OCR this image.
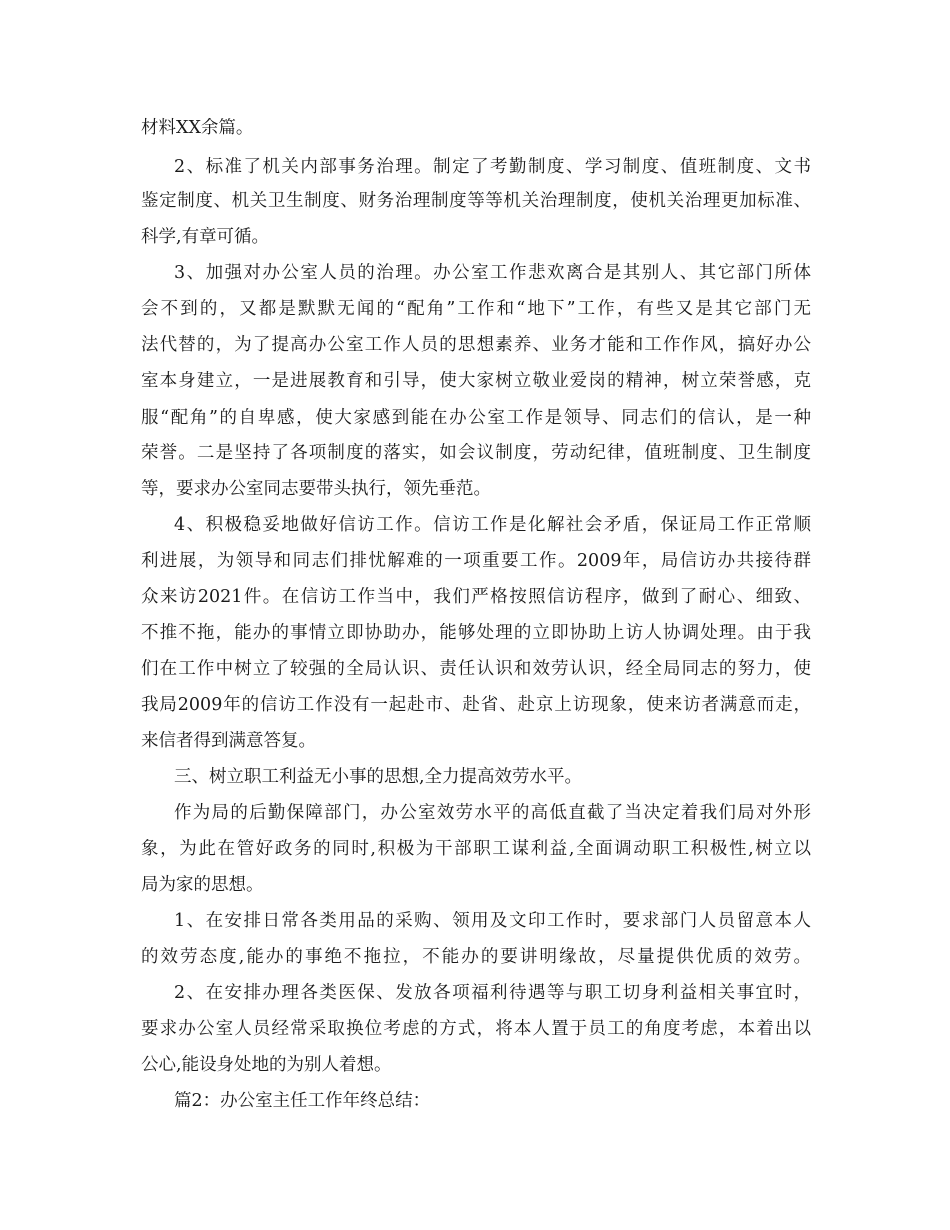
材料XX余篇。
2、标准了机关内部事务治理。制定了考勤制度、学习制度、值班制度、文书
鉴定制度、机关卫生制度、财务治理制度等等机关治理制度，使机关治理更加标准、
科学,有章可循。
3、加强对办公室人员的治理。办公室工作悲欢离合是其别人、其它部门所体
会不到的，又都是默默无闻的“配角”工作和“地下”工作，有些又是其它部门无
法代替的，为了提高办公室工作人员的思想素养、业务才能和工作作风，搞好办公
室本身建立，一是进展教育和引导，使大家树立敬业爱岗的精神，树立荣誉感，克
服“配角”的自卑感，使大家感到能在办公室工作是领导、同志们的信认，是一种
荣誉。二是坚持了各项制度的落实，如会议制度，劳动纪律，值班制度、卫生制度
等，要求办公室同志要带头执行，领先垂范。
4、积极稳妥地做好信访工作。信访工作是化解社会矛盾，保证局工作正常顺
利进展，为领导和同志们排忧解难的一项重要工作。2009年，局信访办共接待群
众来访2021件。在信访工作当中，我们严格按照信访程序，做到了耐心、细致、
不推不拖，能办的事情立即协助办，能够处理的立即协助上访人协调处理。由于我
们在工作中树立了较强的全局认识、责任认识和效劳认识，经全局同志的努力，使
我局2009年的信访工作没有一起赴市、赴省、赴京上访现象，使来访者满意而走，
来信者得到满意答复。
三、树立职工利益无小事的思想,全力提高效劳水平。
作为局的后勤保障部门，办公室效劳水平的高低直截了当决定着我们局对外形
象，为此在管好政务的同时,积极为干部职工谋利益,全面调动职工积极性,树立以
局为家的思想。
1、在安排日常各类用品的采购、领用及文印工作时，要求部门人员留意本人
的效劳态度,能办的事绝不拖拉，不能办的要讲明缘故，尽量提供优质的效劳。
2、在安排办理各类医保、发放各项福利待遇等与职工切身利益相关事宜时，
要求办公室人员经常采取换位考虑的方式，将本人置于员工的角度考虑，本着出以
公心,能设身处地的为别人着想。
篇2：办公室主任工作年终总结：
